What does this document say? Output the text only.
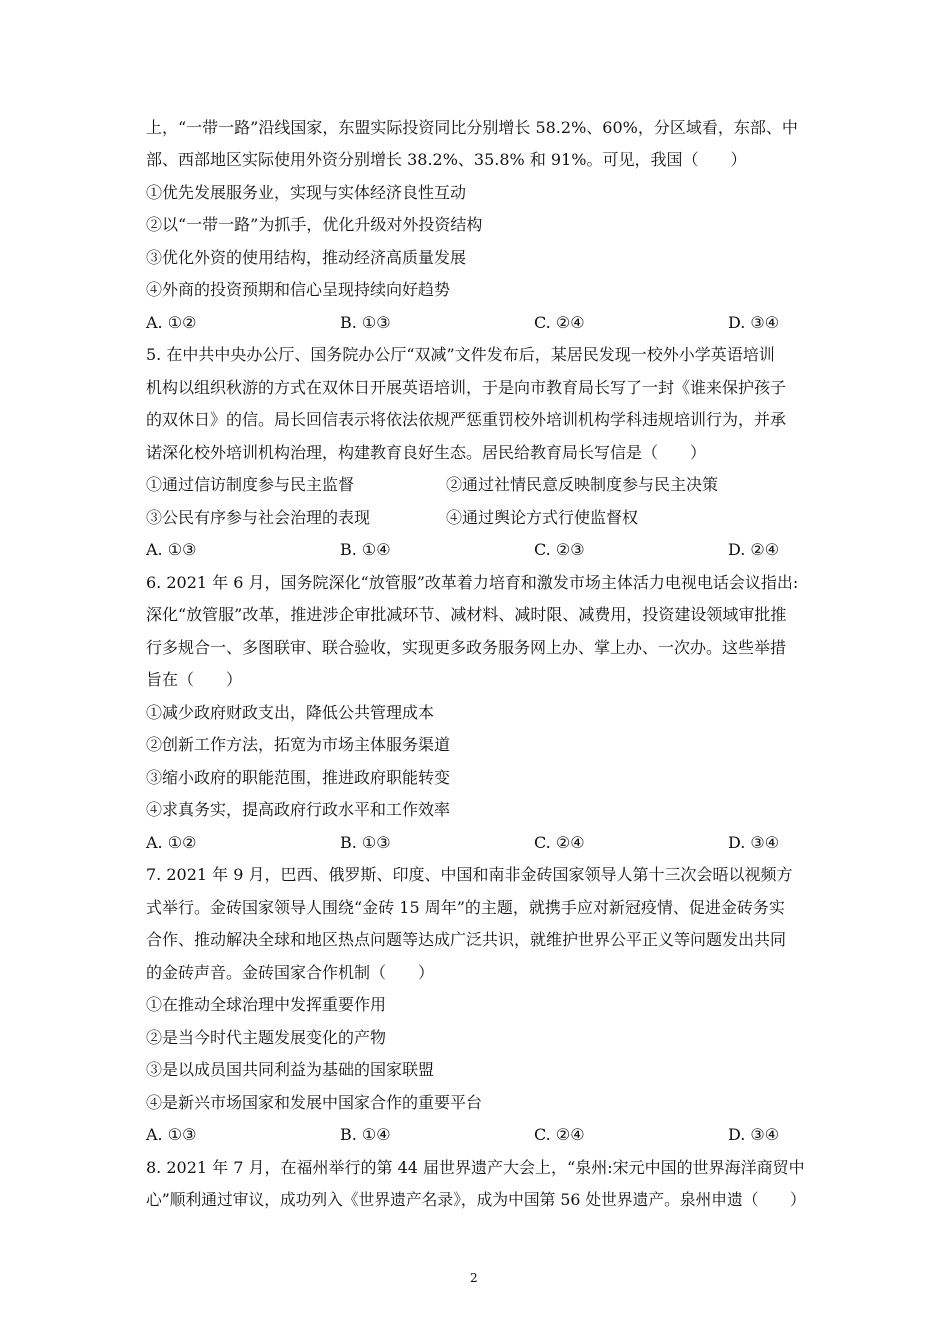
上，“一带一路”沿线国家，东盟实际投资同比分别增长 58.2%、60%，分区域看，东部、中
部、西部地区实际使用外资分别增长 38.2%、35.8% 和 91%。可见，我国（　　）
①优先发展服务业，实现与实体经济良性互动
②以“一带一路”为抓手，优化升级对外投资结构
③优化外资的使用结构，推动经济高质量发展
④外商的投资预期和信心呈现持续向好趋势
A. ①②	B. ①③	C. ②④	D. ③④
5. 在中共中央办公厅、国务院办公厅“双减”文件发布后，某居民发现一校外小学英语培训
机构以组织秋游的方式在双休日开展英语培训，于是向市教育局长写了一封《谁来保护孩子
的双休日》的信。局长回信表示将依法依规严惩重罚校外培训机构学科违规培训行为，并承
诺深化校外培训机构治理，构建教育良好生态。居民给教育局长写信是（　　）
①通过信访制度参与民主监督	②通过社情民意反映制度参与民主决策
③公民有序参与社会治理的表现	④通过舆论方式行使监督权
A. ①③	B. ①④	C. ②③	D. ②④
6. 2021 年 6 月，国务院深化“放管服”改革着力培育和激发市场主体活力电视电话会议指出:
深化“放管服”改革，推进涉企审批减环节、减材料、减时限、减费用，投资建设领域审批推
行多规合一、多图联审、联合验收，实现更多政务服务网上办、掌上办、一次办。这些举措
旨在（　　）
①减少政府财政支出，降低公共管理成本
②创新工作方法，拓宽为市场主体服务渠道
③缩小政府的职能范围，推进政府职能转变
④求真务实，提高政府行政水平和工作效率
A. ①②	B. ①③	C. ②④	D. ③④
7. 2021 年 9 月，巴西、俄罗斯、印度、中国和南非金砖国家领导人第十三次会晤以视频方
式举行。金砖国家领导人围绕“金砖 15 周年”的主题，就携手应对新冠疫情、促进金砖务实
合作、推动解决全球和地区热点问题等达成广泛共识，就维护世界公平正义等问题发出共同
的金砖声音。金砖国家合作机制（　　）
①在推动全球治理中发挥重要作用
②是当今时代主题发展变化的产物
③是以成员国共同利益为基础的国家联盟
④是新兴市场国家和发展中国家合作的重要平台
A. ①③	B. ①④	C. ②④	D. ③④
8. 2021 年 7 月，在福州举行的第 44 届世界遗产大会上，“泉州:宋元中国的世界海洋商贸中
心”顺利通过审议，成功列入《世界遗产名录》，成为中国第 56 处世界遗产。泉州申遗（　　）
2
